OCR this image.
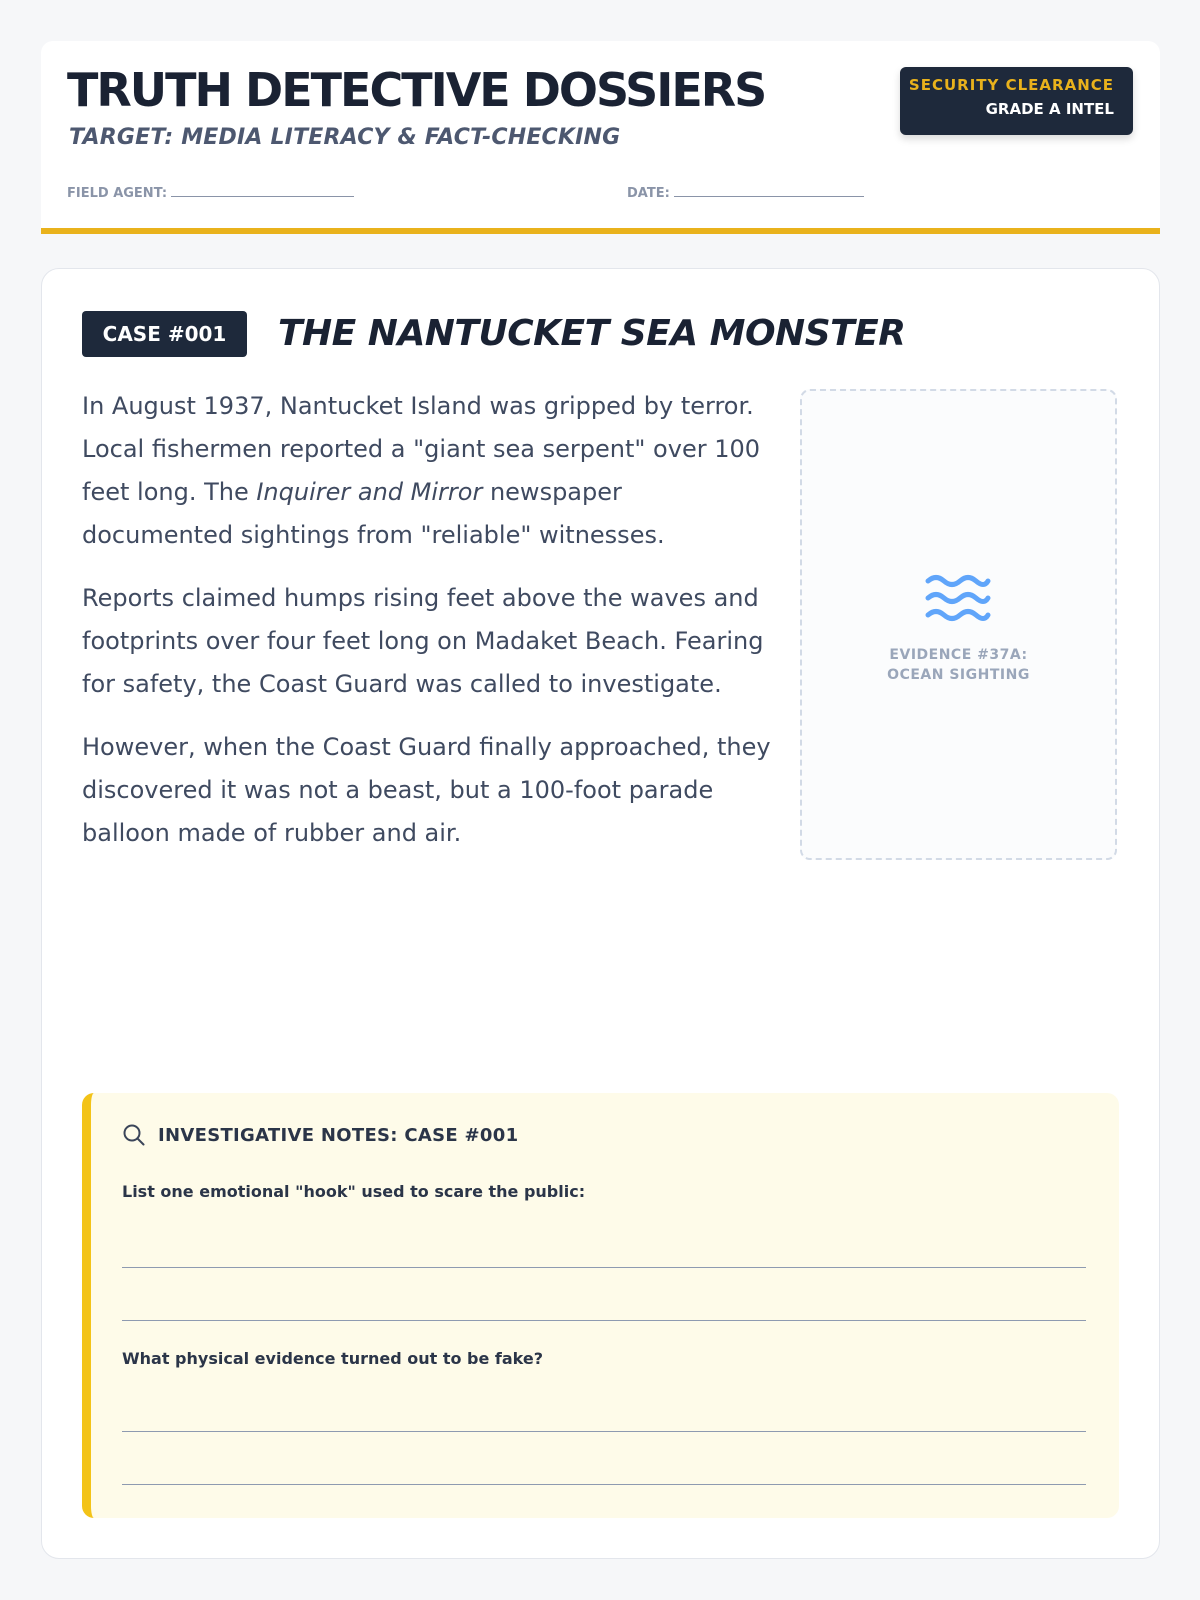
TRUTH DETECTIVE DOSSIERS
TARGET: MEDIA LITERACY & FACT-CHECKING
SECURITY CLEARANCE
GRADE A INTEL
FIELD AGENT:	DATE:
CASE #001	THE NANTUCKET SEA MONSTER

In August 1937, Nantucket Island was gripped by terror. Local fishermen reported a "giant sea serpent" over 100 feet long. The Inquirer and Mirror newspaper documented sightings from "reliable" witnesses.

Reports claimed humps rising feet above the waves and footprints over four feet long on Madaket Beach. Fearing for safety, the Coast Guard was called to investigate.

However, when the Coast Guard finally approached, they discovered it was not a beast, but a 100-foot parade balloon made of rubber and air.

EVIDENCE #37A:
OCEAN SIGHTING
INVESTIGATIVE NOTES: CASE #001
List one emotional "hook" used to scare the public:
What physical evidence turned out to be fake?
